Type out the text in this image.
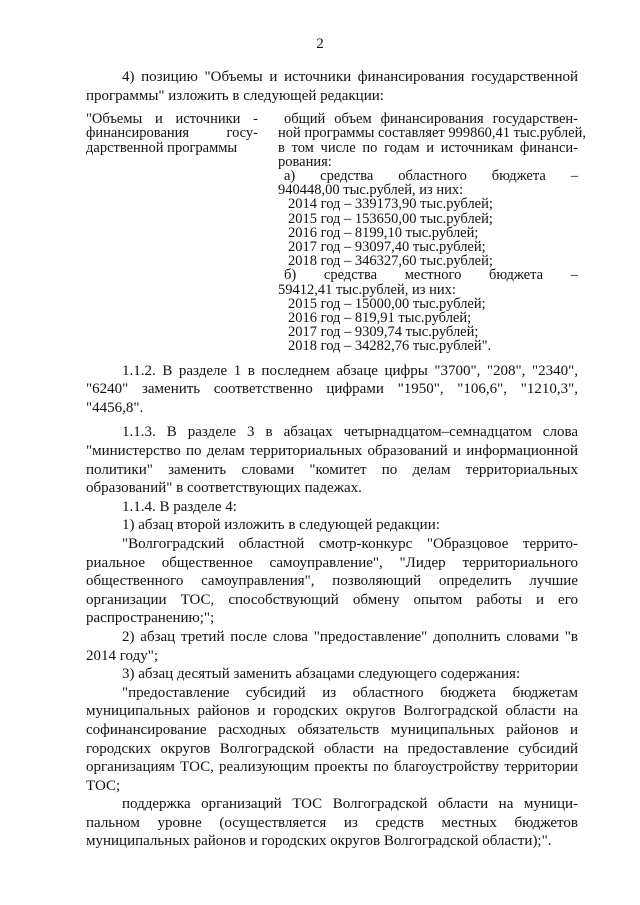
2

4) позицию "Объемы и источники финансирования государственной программы" изложить в следующей редакции:

"Объемы и источники - финансирования госу- дарственной программы
общий объем финансирования государствен-
ной программы составляет 999860,41 тыс.рублей,
в том числе по годам и источникам финанси-
рования:
а) средства областного бюджета –
940448,00 тыс.рублей, из них:
2014 год – 339173,90 тыс.рублей;
2015 год – 153650,00 тыс.рублей;
2016 год – 8199,10 тыс.рублей;
2017 год – 93097,40 тыс.рублей;
2018 год – 346327,60 тыс.рублей;
б) средства местного бюджета –
59412,41 тыс.рублей, из них:
2015 год – 15000,00 тыс.рублей;
2016 год – 819,91 тыс.рублей;
2017 год – 9309,74 тыс.рублей;
2018 год – 34282,76 тыс.рублей".

1.1.2. В разделе 1 в последнем абзаце цифры "3700", "208", "2340", "6240" заменить соответственно цифрами "1950", "106,6", "1210,3", "4456,8".

1.1.3. В разделе 3 в абзацах четырнадцатом–семнадцатом слова "министерство по делам территориальных образований и информационной политики" заменить словами "комитет по делам территориальных образований" в соответствующих падежах.

1.1.4. В разделе 4:

1) абзац второй изложить в следующей редакции:

"Волгоградский областной смотр-конкурс "Образцовое террито- риальное общественное самоуправление", "Лидер территориального общественного самоуправления", позволяющий определить лучшие организации ТОС, способствующий обмену опытом работы и его распространению;";

2) абзац третий после слова "предоставление" дополнить словами "в 2014 году";

3) абзац десятый заменить абзацами следующего содержания:

"предоставление субсидий из областного бюджета бюджетам муниципальных районов и городских округов Волгоградской области на софинансирование расходных обязательств муниципальных районов и городских округов Волгоградской области на предоставление субсидий организациям ТОС, реализующим проекты по благоустройству территории ТОС;

поддержка организаций ТОС Волгоградской области на муници- пальном уровне (осуществляется из средств местных бюджетов муниципальных районов и городских округов Волгоградской области);".
